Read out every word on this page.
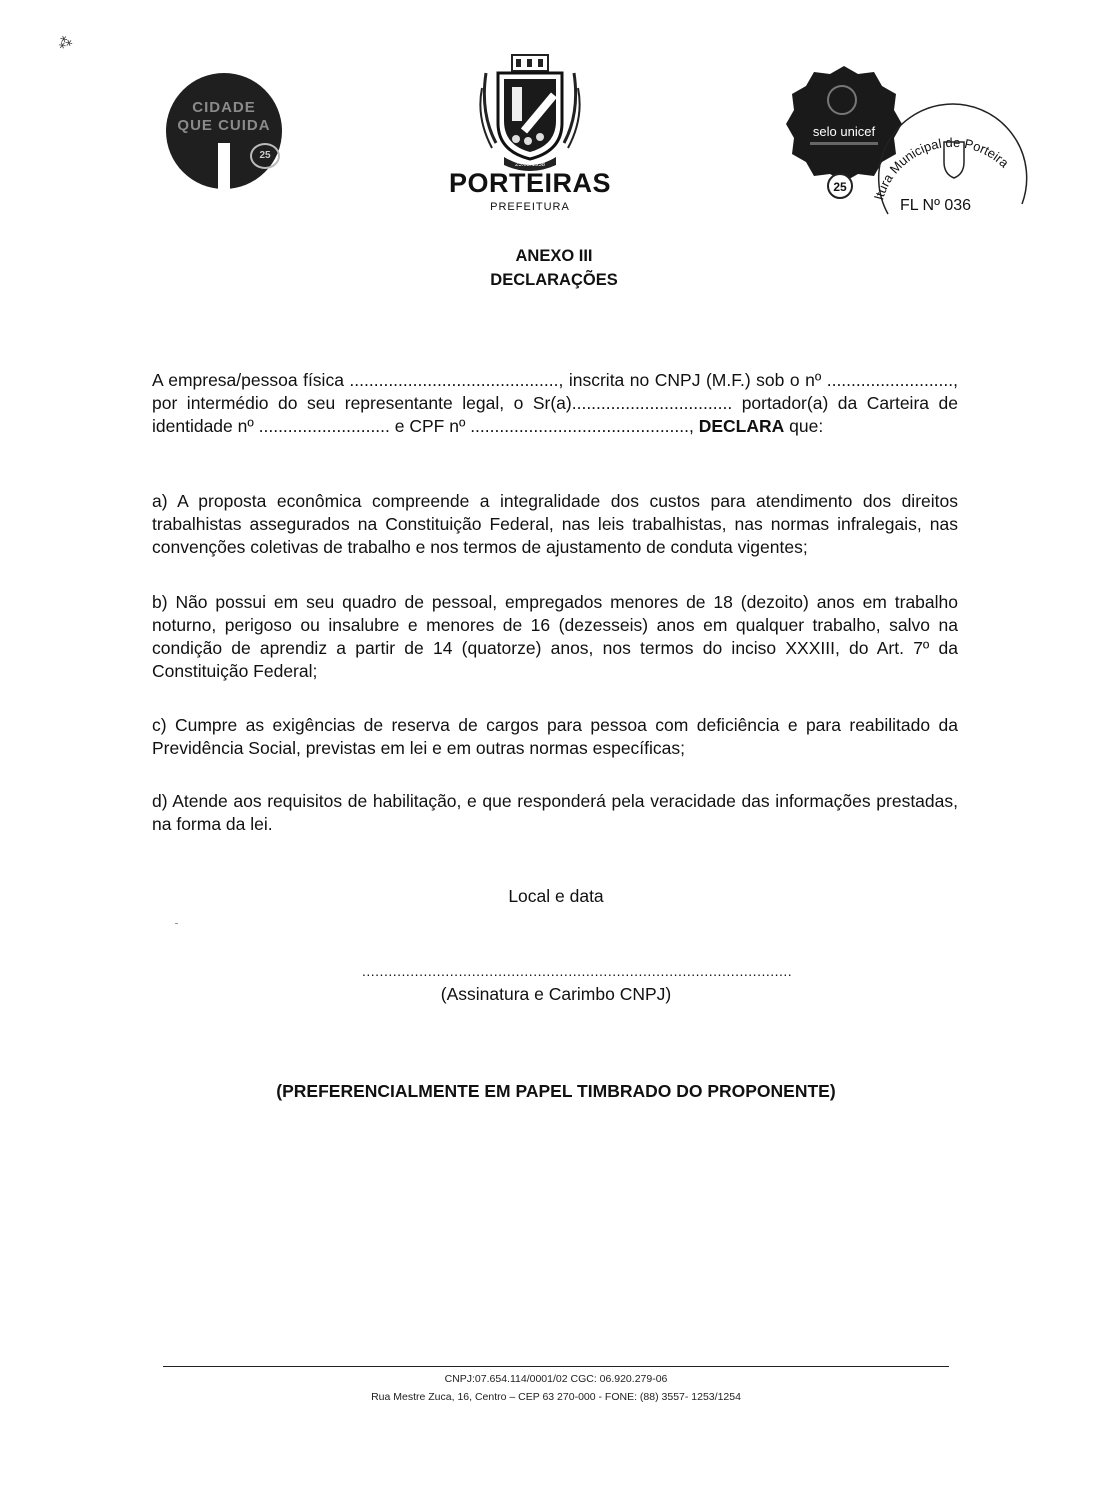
⁂
CIDADE
QUE CUIDA
25
25.03.1958
PORTEIRAS
PREFEITURA
selo unicef
25
ltura Municipal de Porteira
FL Nº 036
ANEXO III
DECLARAÇÕES
A empresa/pessoa física ..........................................., inscrita no CNPJ (M.F.) sob o nº ..........................,
por intermédio do seu representante legal, o Sr(a)................................. portador(a) da Carteira de
identidade nº ........................... e CPF nº ............................................., DECLARA que:
a) A proposta econômica compreende a integralidade dos custos para atendimento dos direitos trabalhistas assegurados na Constituição Federal, nas leis trabalhistas, nas normas infralegais, nas convenções coletivas de trabalho e nos termos de ajustamento de conduta vigentes;
b) Não possui em seu quadro de pessoal, empregados menores de 18 (dezoito) anos em trabalho noturno, perigoso ou insalubre e menores de 16 (dezesseis) anos em qualquer trabalho, salvo na condição de aprendiz a partir de 14 (quatorze) anos, nos termos do inciso XXXIII, do Art. 7º da Constituição Federal;
c) Cumpre as exigências de reserva de cargos para pessoa com deficiência e para reabilitado da Previdência Social, previstas em lei e em outras normas específicas;
d) Atende aos requisitos de habilitação, e que responderá pela veracidade das informações prestadas, na forma da lei.
Local e data
..................................................................................................
(Assinatura e Carimbo CNPJ)
(PREFERENCIALMENTE EM PAPEL TIMBRADO DO PROPONENTE)
CNPJ:07.654.114/0001/02 CGC: 06.920.279-06
Rua Mestre Zuca, 16, Centro – CEP 63 270-000 - FONE: (88) 3557- 1253/1254
